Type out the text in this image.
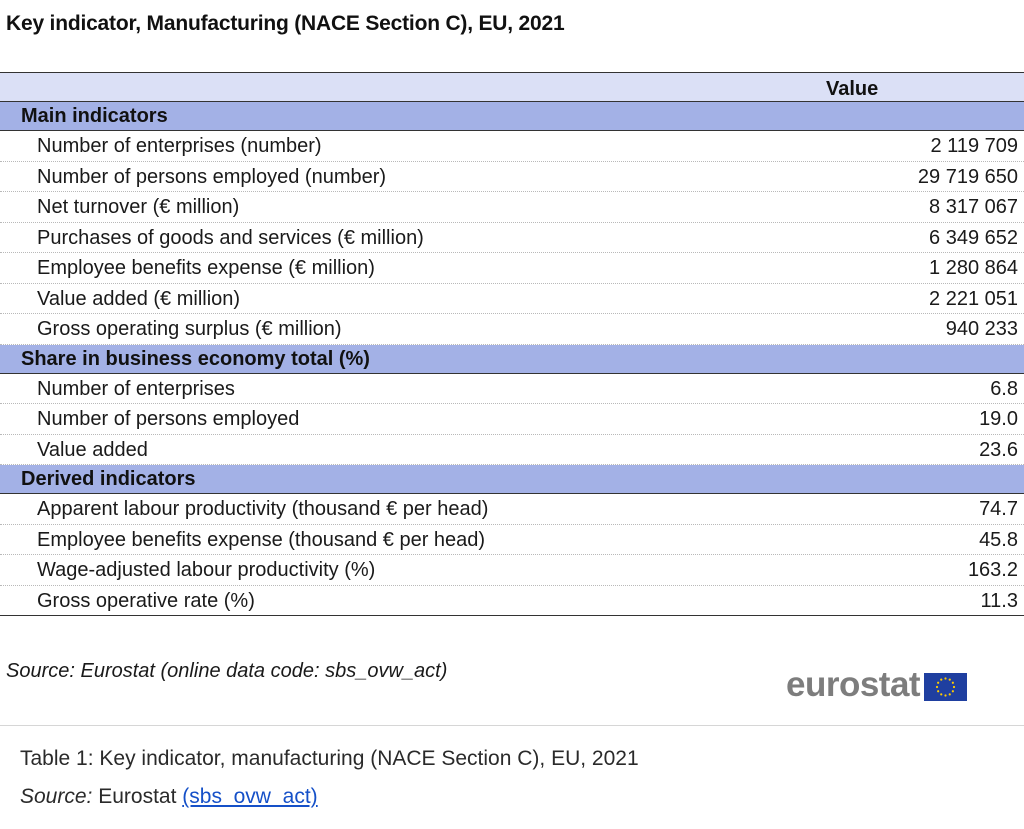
Key indicator, Manufacturing (NACE Section C), EU, 2021
Value
Main indicators
Number of enterprises (number)	2 119 709
Number of persons employed (number)	29 719 650
Net turnover (€ million)	8 317 067
Purchases of goods and services (€ million)	6 349 652
Employee benefits expense (€ million)	1 280 864
Value added (€ million)	2 221 051
Gross operating surplus (€ million)	940 233
Share in business economy total (%)
Number of enterprises	6.8
Number of persons employed	19.0
Value added	23.6
Derived indicators
Apparent labour productivity (thousand € per head)	74.7
Employee benefits expense (thousand € per head)	45.8
Wage-adjusted labour productivity (%)	163.2
Gross operative rate (%)	11.3
Source: Eurostat (online data code: sbs_ovw_act)	eurostat
Table 1: Key indicator, manufacturing (NACE Section C), EU, 2021
Source: Eurostat (sbs_ovw_act)
